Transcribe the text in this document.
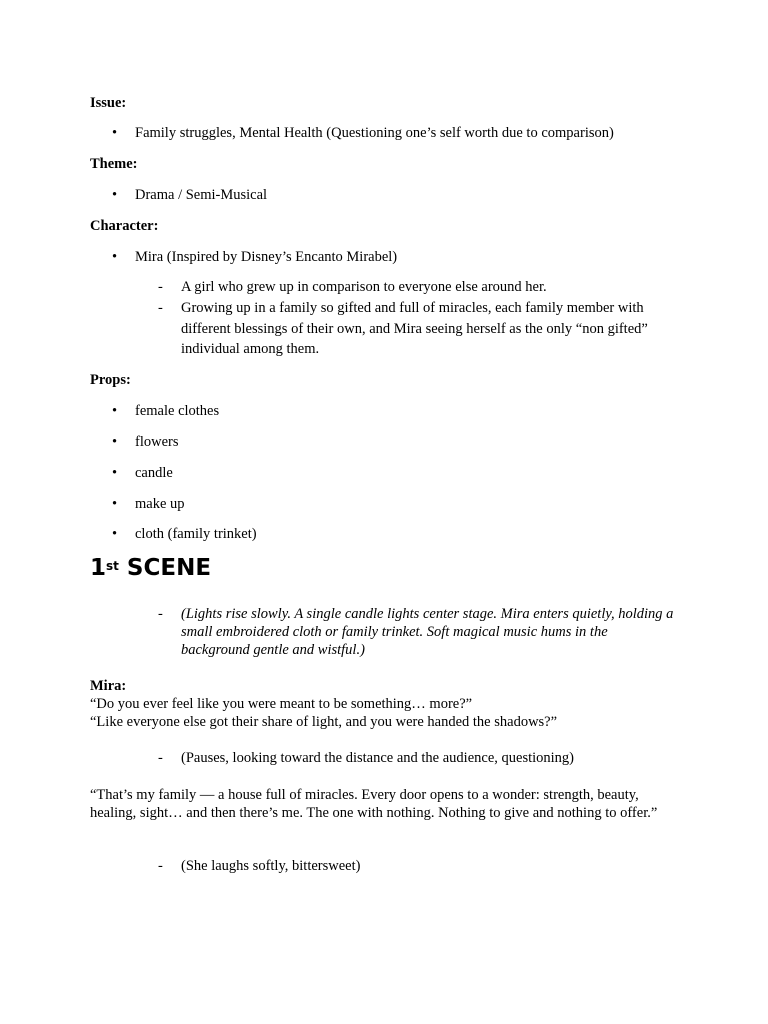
Issue:
•	Family struggles, Mental Health (Questioning one’s self worth due to comparison)
Theme:
•	Drama / Semi-Musical
Character:
•	Mira (Inspired by Disney’s Encanto Mirabel)
- A girl who grew up in comparison to everyone else around her.
- Growing up in a family so gifted and full of miracles, each family member with different blessings of their own, and Mira seeing herself as the only “non gifted” individual among them.
Props:
•	female clothes
•	flowers
•	candle
•	make up
•	cloth (family trinket)
1st SCENE
- (Lights rise slowly. A single candle lights center stage. Mira enters quietly, holding a small embroidered cloth or family trinket. Soft magical music hums in the background gentle and wistful.)
Mira:
“Do you ever feel like you were meant to be something… more?”
“Like everyone else got their share of light, and you were handed the shadows?”
- (Pauses, looking toward the distance and the audience, questioning)
“That’s my family — a house full of miracles. Every door opens to a wonder: strength, beauty, healing, sight… and then there’s me. The one with nothing. Nothing to give and nothing to offer.”
- (She laughs softly, bittersweet)
